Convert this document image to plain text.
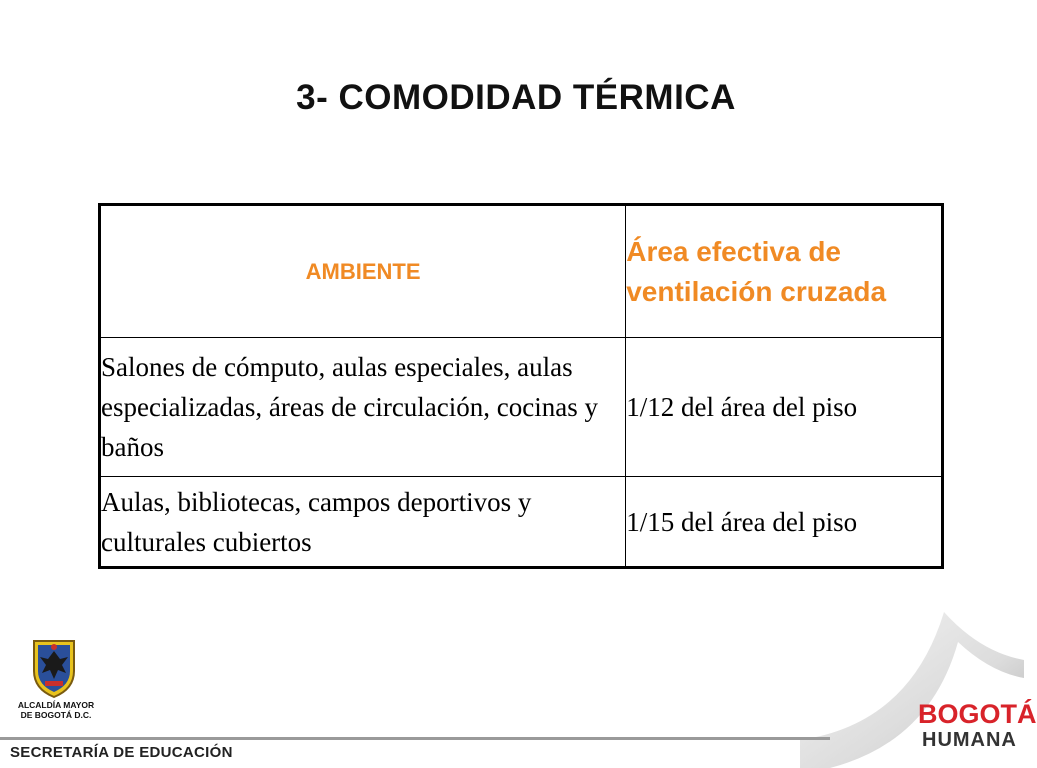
3- COMODIDAD TÉRMICA
AMBIENTE	Área efectiva de ventilación cruzada
Salones de cómputo, aulas especiales, aulas especializadas, áreas de circulación, cocinas y baños	1/12 del área del piso
Aulas, bibliotecas, campos deportivos y culturales cubiertos	1/15 del área del piso
ALCALDÍA MAYOR
DE BOGOTÁ D.C.	BOGOTÁ
HUMANA
SECRETARÍA DE EDUCACIÓN
